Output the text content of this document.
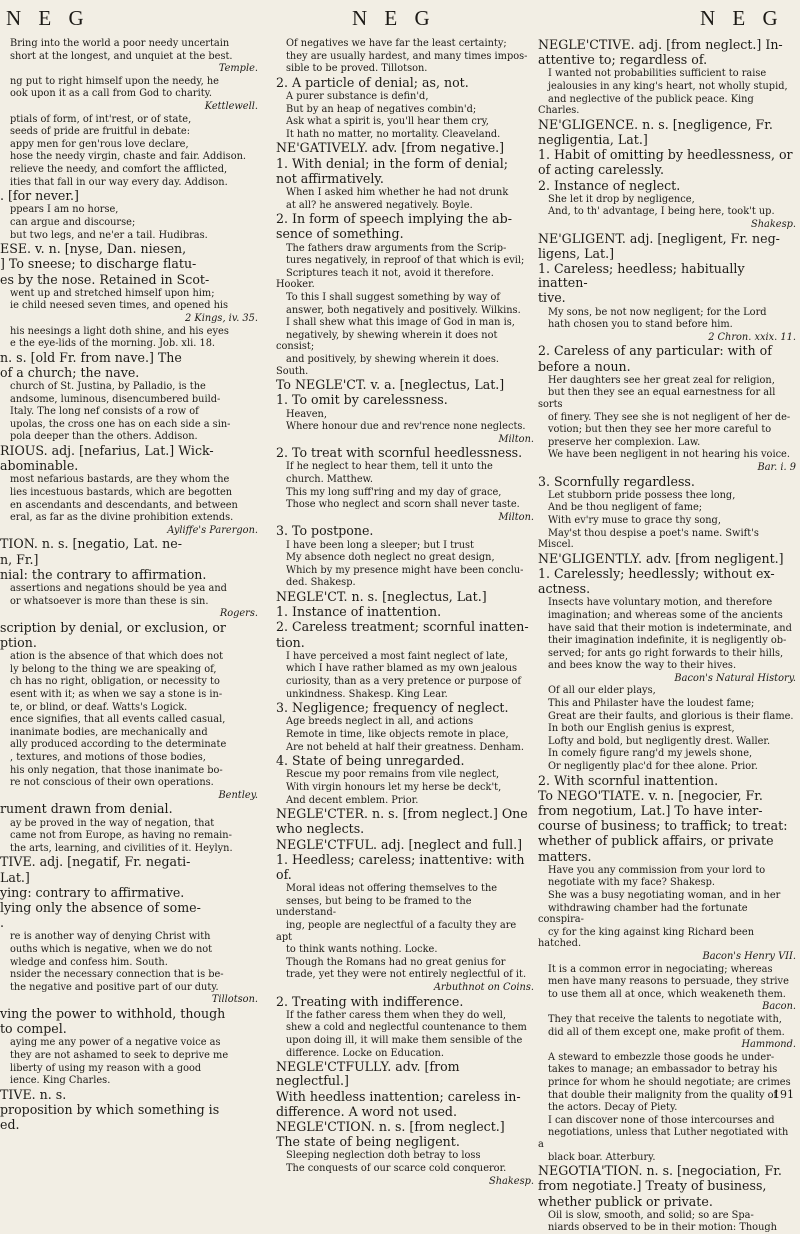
N E G	N E G	N E G

Bring into the world a poor needy uncertain

short at the longest, and unquiet at the best.

Temple.

ng put to right himself upon the needy, he

ook upon it as a call from God to charity.

Kettlewell.

ptials of form, of int'rest, or of state,

seeds of pride are fruitful in debate:

appy men for gen'rous love declare,

hose the needy virgin, chaste and fair. Addison.

relieve the needy, and comfort the afflicted,

ities that fall in our way every day. Addison.

. [for never.]

ppears I am no horse,

can argue and discourse;

but two legs, and ne'er a tail. Hudibras.

ESE. v. n. [nyse, Dan. niesen,

] To sneese; to discharge flatu-

es by the nose. Retained in Scot-

went up and stretched himself upon him;

ie child neesed seven times, and opened his

2 Kings, iv. 35.

his neesings a light doth shine, and his eyes

e the eye-lids of the morning. Job. xli. 18.

n. s. [old Fr. from nave.] The

of a church; the nave.

church of St. Justina, by Palladio, is the

andsome, luminous, disencumbered build-

Italy. The long nef consists of a row of

upolas, the cross one has on each side a sin-

pola deeper than the others. Addison.

RIOUS. adj. [nefarius, Lat.] Wick-

abominable.

most nefarious bastards, are they whom the

lies incestuous bastards, which are begotten

en ascendants and descendants, and between

eral, as far as the divine prohibition extends.

Ayliffe's Parergon.

TION. n. s. [negatio, Lat. ne-

n, Fr.]

nial: the contrary to affirmation.

assertions and negations should be yea and

or whatsoever is more than these is sin.

Rogers.

scription by denial, or exclusion, or

ption.

ation is the absence of that which does not

ly belong to the thing we are speaking of,

ch has no right, obligation, or necessity to

esent with it; as when we say a stone is in-

te, or blind, or deaf. Watts's Logick.

ence signifies, that all events called casual,

inanimate bodies, are mechanically and

ally produced according to the determinate

, textures, and motions of those bodies,

his only negation, that those inanimate bo-

re not conscious of their own operations.

Bentley.

rument drawn from denial.

ay be proved in the way of negation, that

came not from Europe, as having no remain-

the arts, learning, and civilities of it. Heylyn.

TIVE. adj. [negatif, Fr. negati-

Lat.]

ying: contrary to affirmative.

lying only the absence of some-

.

re is another way of denying Christ with

ouths which is negative, when we do not

wledge and confess him. South.

nsider the necessary connection that is be-

the negative and positive part of our duty.

Tillotson.

ving the power to withhold, though

to compel.

aying me any power of a negative voice as

they are not ashamed to seek to deprive me

liberty of using my reason with a good

ience. King Charles.

TIVE. n. s.

proposition by which something is

ed.

Of negatives we have far the least certainty;

they are usually hardest, and many times impos-

sible to be proved. Tillotson.

2. A particle of denial; as, not.

A purer substance is defin'd,

But by an heap of negatives combin'd;

Ask what a spirit is, you'll hear them cry,

It hath no matter, no mortality. Cleaveland.

NE'GATIVELY. adv. [from negative.]

1. With denial; in the form of denial;

not affirmatively.

When I asked him whether he had not drunk

at all? he answered negatively. Boyle.

2. In form of speech implying the ab-

sence of something.

The fathers draw arguments from the Scrip-

tures negatively, in reproof of that which is evil;

Scriptures teach it not, avoid it therefore. Hooker.

To this I shall suggest something by way of

answer, both negatively and positively. Wilkins.

I shall shew what this image of God in man is,

negatively, by shewing wherein it does not consist;

and positively, by shewing wherein it does. South.

To NEGLE'CT. v. a. [neglectus, Lat.]

1. To omit by carelessness.

Heaven,

Where honour due and rev'rence none neglects.

Milton.

2. To treat with scornful heedlessness.

If he neglect to hear them, tell it unto the

church. Matthew.

This my long suff'ring and my day of grace,

Those who neglect and scorn shall never taste.

Milton.

3. To postpone.

I have been long a sleeper; but I trust

My absence doth neglect no great design,

Which by my presence might have been conclu-

ded. Shakesp.

NEGLE'CT. n. s. [neglectus, Lat.]

1. Instance of inattention.

2. Careless treatment; scornful inatten-

tion.

I have perceived a most faint neglect of late,

which I have rather blamed as my own jealous

curiosity, than as a very pretence or purpose of

unkindness. Shakesp. King Lear.

3. Negligence; frequency of neglect.

Age breeds neglect in all, and actions

Remote in time, like objects remote in place,

Are not beheld at half their greatness. Denham.

4. State of being unregarded.

Rescue my poor remains from vile neglect,

With virgin honours let my herse be deck't,

And decent emblem. Prior.

NEGLE'CTER. n. s. [from neglect.] One

who neglects.

NEGLE'CTFUL. adj. [neglect and full.]

1. Heedless; careless; inattentive: with

of.

Moral ideas not offering themselves to the

senses, but being to be framed to the understand-

ing, people are neglectful of a faculty they are apt

to think wants nothing. Locke.

Though the Romans had no great genius for

trade, yet they were not entirely neglectful of it.

Arbuthnot on Coins.

2. Treating with indifference.

If the father caress them when they do well,

shew a cold and neglectful countenance to them

upon doing ill, it will make them sensible of the

difference. Locke on Education.

NEGLE'CTFULLY. adv. [from neglectful.]

With heedless inattention; careless in-

difference. A word not used.

NEGLE'CTION. n. s. [from neglect.]

The state of being negligent.

Sleeping neglection doth betray to loss

The conquests of our scarce cold conqueror.

Shakesp.

NEGLE'CTIVE. adj. [from neglect.] In-

attentive to; regardless of.

I wanted not probabilities sufficient to raise

jealousies in any king's heart, not wholly stupid,

and neglective of the publick peace. King Charles.

NE'GLIGENCE. n. s. [negligence, Fr.

negligentia, Lat.]

1. Habit of omitting by heedlessness, or

of acting carelessly.

2. Instance of neglect.

She let it drop by negligence,

And, to th' advantage, I being here, took't up.

Shakesp.

NE'GLIGENT. adj. [negligent, Fr. neg-

ligens, Lat.]

1. Careless; heedless; habitually inatten-

tive.

My sons, be not now negligent; for the Lord

hath chosen you to stand before him.

2 Chron. xxix. 11.

2. Careless of any particular: with of

before a noun.

Her daughters see her great zeal for religion,

but then they see an equal earnestness for all sorts

of finery. They see she is not negligent of her de-

votion; but then they see her more careful to

preserve her complexion. Law.

We have been negligent in not hearing his voice.

Bar. i. 9

3. Scornfully regardless.

Let stubborn pride possess thee long,

And be thou negligent of fame;

With ev'ry muse to grace thy song,

May'st thou despise a poet's name. Swift's Miscel.

NE'GLIGENTLY. adv. [from negligent.]

1. Carelessly; heedlessly; without ex-

actness.

Insects have voluntary motion, and therefore

imagination; and whereas some of the ancients

have said that their motion is indeterminate, and

their imagination indefinite, it is negligently ob-

served; for ants go right forwards to their hills,

and bees know the way to their hives.

Bacon's Natural History.

Of all our elder plays,

This and Philaster have the loudest fame;

Great are their faults, and glorious is their flame.

In both our English genius is exprest,

Lofty and bold, but negligently drest. Waller.

In comely figure rang'd my jewels shone,

Or negligently plac'd for thee alone. Prior.

2. With scornful inattention.

To NEGO'TIATE. v. n. [negocier, Fr.

from negotium, Lat.] To have inter-

course of business; to traffick; to treat:

whether of publick affairs, or private

matters.

Have you any commission from your lord to

negotiate with my face? Shakesp.

She was a busy negotiating woman, and in her

withdrawing chamber had the fortunate conspira-

cy for the king against king Richard been hatched.

Bacon's Henry VII.

It is a common error in negociating; whereas

men have many reasons to persuade, they strive

to use them all at once, which weakeneth them.

Bacon.

They that receive the talents to negotiate with,

did all of them except one, make profit of them.

Hammond.

A steward to embezzle those goods he under-

takes to manage; an embassador to betray his

prince for whom he should negotiate; are crimes

that double their malignity from the quality of

the actors. Decay of Piety.

I can discover none of those intercourses and

negotiations, unless that Luther negotiated with a

black boar. Atterbury.

NEGOTIA'TION. n. s. [negociation, Fr.

from negotiate.] Treaty of business,

whether publick or private.

Oil is slow, smooth, and solid; so are Spa-

niards observed to be in their motion: Though

191
